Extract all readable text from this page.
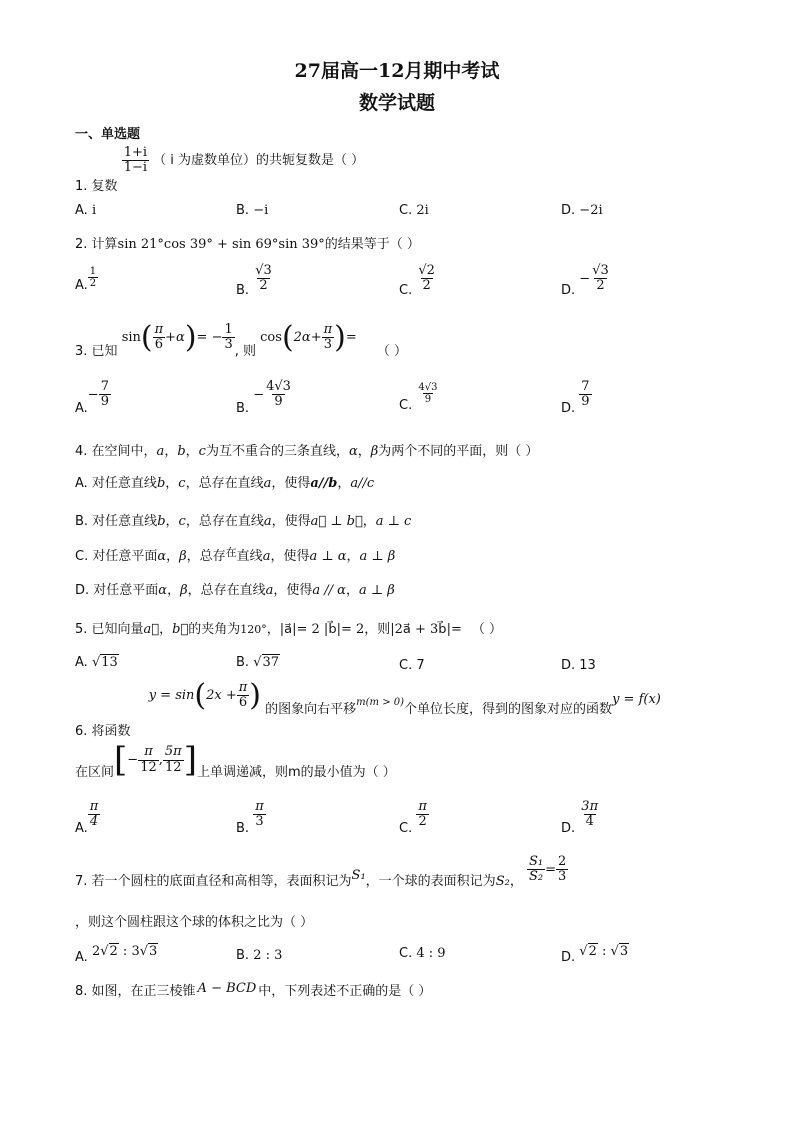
27届高一12月期中考试
数学试题
一、单选题
1. 复数
$\frac{1+i}{1-i}$ （ i 为虚数单位）的共轭复数是（ ）
A. i	B. −i	C. 2i	D. −2i
2. 计算sin 21°cos 39° + sin 69°sin 39°的结果等于（ ）
A. $\frac{1}{2}$
B. $\frac{√3}{2}$	C. $\frac{√2}{2}$	D. − $\frac{√3}{2}$
3. 已知 $\sin( \frac{\pi}{6} +\alpha)= - \frac{1}{3}$ , 则 $\cos(2\alpha+ \frac{\pi}{3}$ )= （ ）
$A.- \frac{7}{9}$	B. − $\frac{4√3}{9}$	C.
$\frac{4√3}{9}$
D. $\frac{7}{9}$
4. 在空间中，a，b，c为互不重合的三条直线，α，β为两个不同的平面，则（ ）
A. 对任意直线b，c，总存在直线a，使得a//b，a//c
B. 对任意直线b，c，总存在直线a，使得a⃗ ⊥ b⃗，a ⊥ c
C. 对任意平面α，β，总存$^在$直线a，使得a ⊥ α，a ⊥ β
D. 对任意平面α，β，总存在直线a，使得a // α，a ⊥ β
5. 已知向量a⃗，b⃗的夹角为120°，|a⃗|= 2 |b⃗|= 2，则|2a⃗ + 3b⃗|= （ ）
A. √13	B. √37	C. 7	D. 13
6. 将函数 $y = \sin(2x + \frac{\pi}{6}$ ) 的图象向右平移m(m > 0)个单位长度，得到的图象对应的函数y = f(x)
在区间[− $\frac{\pi}{12}$ , $\frac{5\pi}{12}$ ]上单调递减，则m的最小值为（ ）
A. $\frac{\pi}{4}$	B. $\frac{\pi}{3}$	C. $\frac{\pi}{2}$	D. $\frac{3\pi}{4}$
7. 若一个圆柱的底面直径和高相等，表面积记为S₁，一个球的表面积记为S₂， $\frac{\text{S₁}}{\text{S₂}} = \frac{2}{3}$
，则这个圆柱跟这个球的体积之比为（ ）
A. 2√2 : 3√3	B. 2 : 3	C. 4 : 9	D. √2 : √3
8. 如图，在正三棱锥 A − BCD 中，下列表述不正确的是（ ）
